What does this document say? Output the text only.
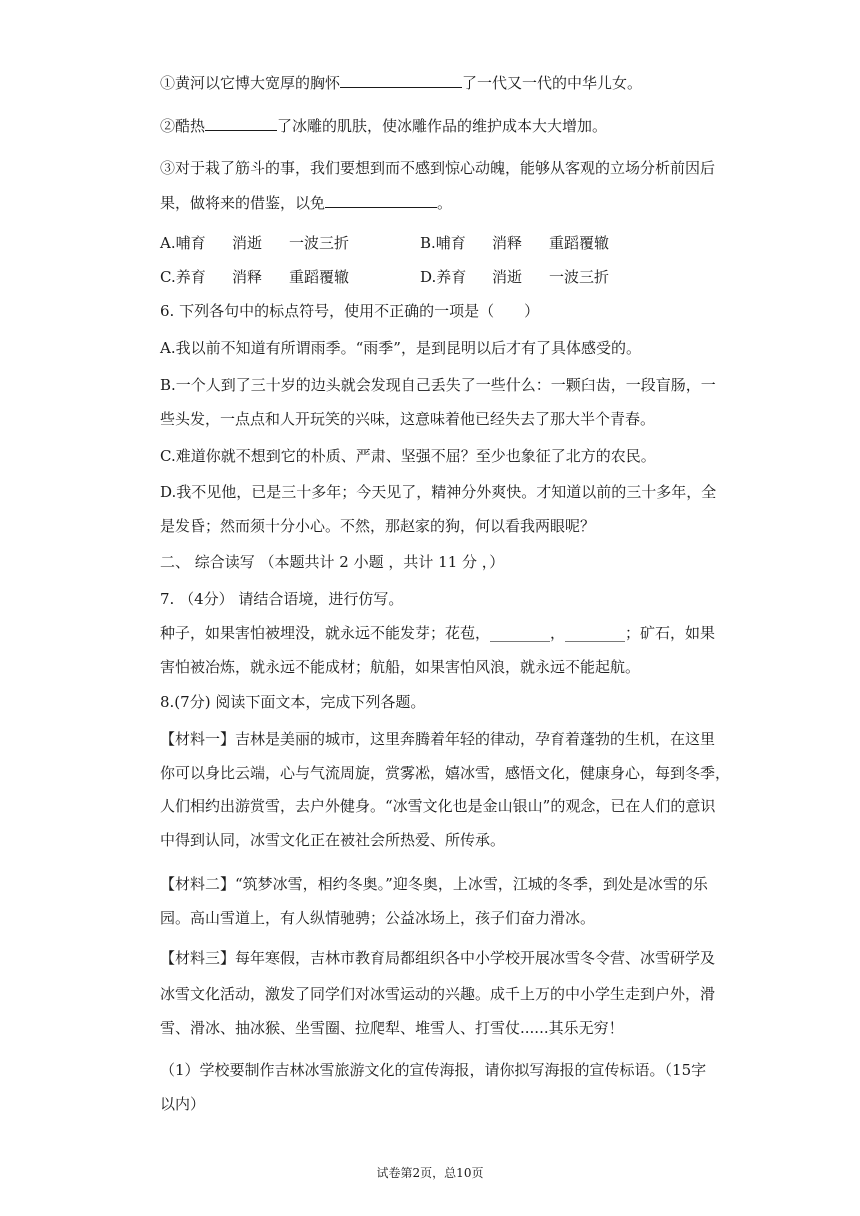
①黄河以它博大宽厚的胸怀	了一代又一代的中华儿女。
②酷热	了冰雕的肌肤，使冰雕作品的维护成本大大增加。
③对于栽了筋斗的事，我们要想到而不感到惊心动魄，能够从客观的立场分析前因后
果，做将来的借鉴，以免	。
A.哺育 消逝 一波三折	B.哺育 消释 重蹈覆辙
C.养育 消释 重蹈覆辙	D.养育 消逝 一波三折
6. 下列各句中的标点符号，使用不正确的一项是（　　）
A.我以前不知道有所谓雨季。“雨季”，是到昆明以后才有了具体感受的。
B.一个人到了三十岁的边头就会发现自己丢失了一些什么：一颗臼齿，一段盲肠，一
些头发，一点点和人开玩笑的兴味，这意味着他已经失去了那大半个青春。
C.难道你就不想到它的朴质、严肃、坚强不屈？至少也象征了北方的农民。
D.我不见他，已是三十多年；今天见了，精神分外爽快。才知道以前的三十多年，全
是发昏；然而须十分小心。不然，那赵家的狗，何以看我两眼呢？
二、 综合读写 （本题共计 2 小题 ，共计 11 分 ，）
7. （4分） 请结合语境，进行仿写。
种子，如果害怕被埋没，就永远不能发芽；花苞，________，________；矿石，如果
害怕被冶炼，就永远不能成材；航船，如果害怕风浪，就永远不能起航。
8.(7分) 阅读下面文本，完成下列各题。
【材料一】吉林是美丽的城市，这里奔腾着年轻的律动，孕育着蓬勃的生机，在这里
你可以身比云端，心与气流周旋，赏雾凇，嬉冰雪，感悟文化，健康身心，每到冬季，
人们相约出游赏雪，去户外健身。“冰雪文化也是金山银山”的观念，已在人们的意识
中得到认同，冰雪文化正在被社会所热爱、所传承。
【材料二】“筑梦冰雪，相约冬奥。”迎冬奥，上冰雪，江城的冬季，到处是冰雪的乐
园。高山雪道上，有人纵情驰骋；公益冰场上，孩子们奋力滑冰。
【材料三】每年寒假，吉林市教育局都组织各中小学校开展冰雪冬令营、冰雪研学及
冰雪文化活动，激发了同学们对冰雪运动的兴趣。成千上万的中小学生走到户外，滑
雪、滑冰、抽冰猴、坐雪圈、拉爬犁、堆雪人、打雪仗......其乐无穷！
（1）学校要制作吉林冰雪旅游文化的宣传海报，请你拟写海报的宣传标语。（15字
以内）
试卷第2页，总10页
